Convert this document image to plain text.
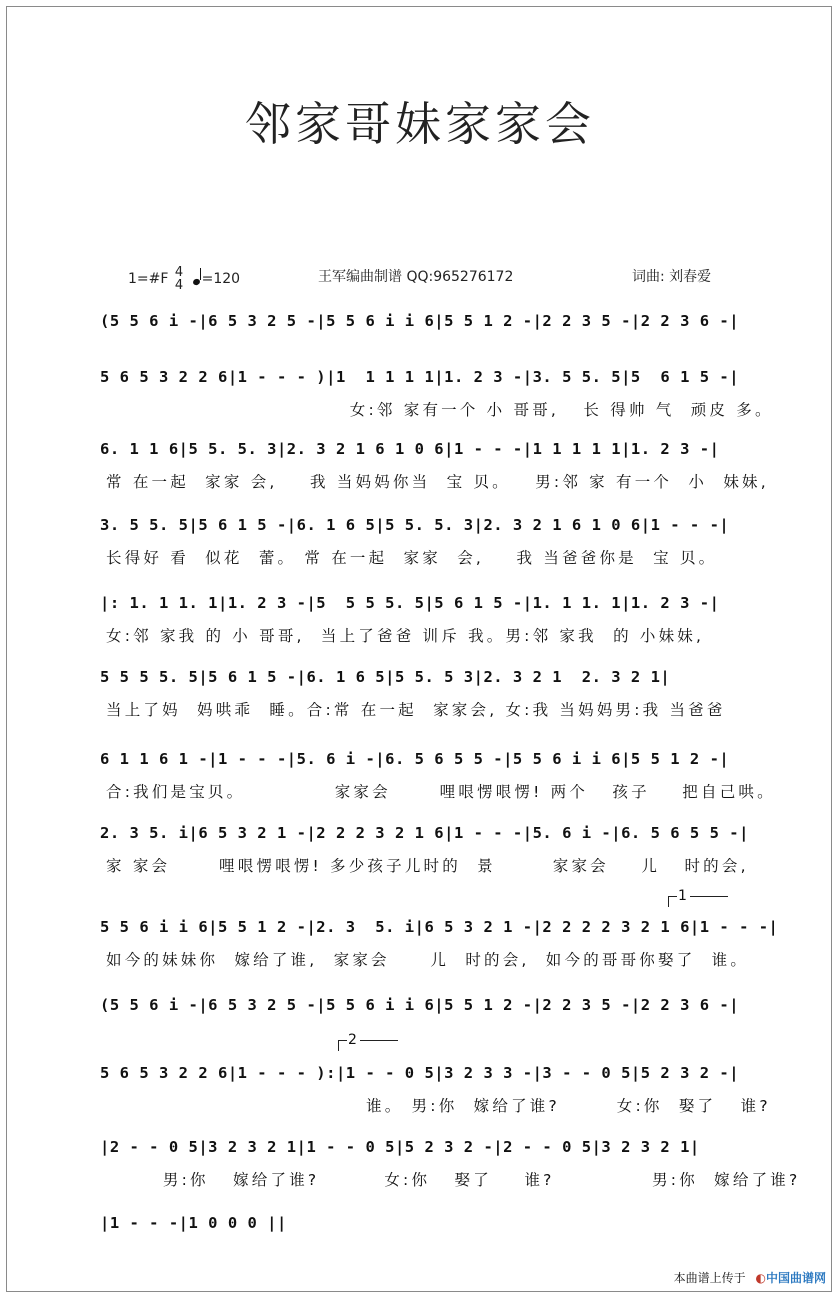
邻家哥妹家家会
1=#F 4
4 =120	王军编曲制谱 QQ:965276172	词曲: 刘春爱
(5 5 6 i -|6 5 3 2 5 -|5 5 6 i i 6|5 5 1 2 -|2 2 3 5 -|2 2 3 6 -|
5 6 5 3 2 2 6|1 - - - )|1  1 1 1 1|1. 2 3 -|3. 5 5. 5|5  6 1 5 -|
女:邻 家有一个 小 哥哥,   长 得帅 气  顽皮 多。
6. 1 1 6|5 5. 5. 3|2. 3 2 1 6 1 0 6|1 - - -|1 1 1 1 1|1. 2 3 -|
常 在一起  家家 会,    我 当妈妈你当  宝 贝。   男:邻 家 有一个  小  妹妹,
3. 5 5. 5|5 6 1 5 -|6. 1 6 5|5 5. 5. 3|2. 3 2 1 6 1 0 6|1 - - -|
长得好 看  似花  蕾。 常 在一起  家家  会,    我 当爸爸你是  宝 贝。
|: 1. 1 1. 1|1. 2 3 -|5  5 5 5. 5|5 6 1 5 -|1. 1 1. 1|1. 2 3 -|
女:邻 家我 的 小 哥哥,  当上了爸爸 训斥 我。男:邻 家我  的 小妹妹,
5 5 5 5. 5|5 6 1 5 -|6. 1 6 5|5 5. 5 3|2. 3 2 1  2. 3 2 1|
当上了妈  妈哄乖  睡。合:常 在一起  家家会, 女:我 当妈妈男:我 当爸爸
6 1 1 6 1 -|1 - - -|5. 6 i -|6. 5 6 5 5 -|5 5 6 i i 6|5 5 1 2 -|
合:我们是宝贝。           家家会      哩哏愣哏愣! 两个   孩子    把自己哄。
2. 3 5. i|6 5 3 2 1 -|2 2 2 3 2 1 6|1 - - -|5. 6 i -|6. 5 6 5 5 -|
家 家会      哩哏愣哏愣! 多少孩子儿时的  景       家家会    儿   时的会,
5 5 6 i i 6|5 5 1 2 -|2. 3  5. i|6 5 3 2 1 -|2 2 2 2 3 2 1 6|1 - - -|
如今的妹妹你  嫁给了谁,  家家会     儿  时的会,  如今的哥哥你娶了  谁。
(5 5 6 i -|6 5 3 2 5 -|5 5 6 i i 6|5 5 1 2 -|2 2 3 5 -|2 2 3 6 -|
5 6 5 3 2 2 6|1 - - - ):|1 - - 0 5|3 2 3 3 -|3 - - 0 5|5 2 3 2 -|
谁。 男:你  嫁给了谁?       女:你  娶了   谁?
|2 - - 0 5|3 2 3 2 1|1 - - 0 5|5 2 3 2 -|2 - - 0 5|3 2 3 2 1|
男:你   嫁给了谁?        女:你   娶了    谁?            男:你  嫁给了谁?
|1 - - -|1 0 0 0 ||
1
2
本曲谱上传于 ◐中国曲谱网
